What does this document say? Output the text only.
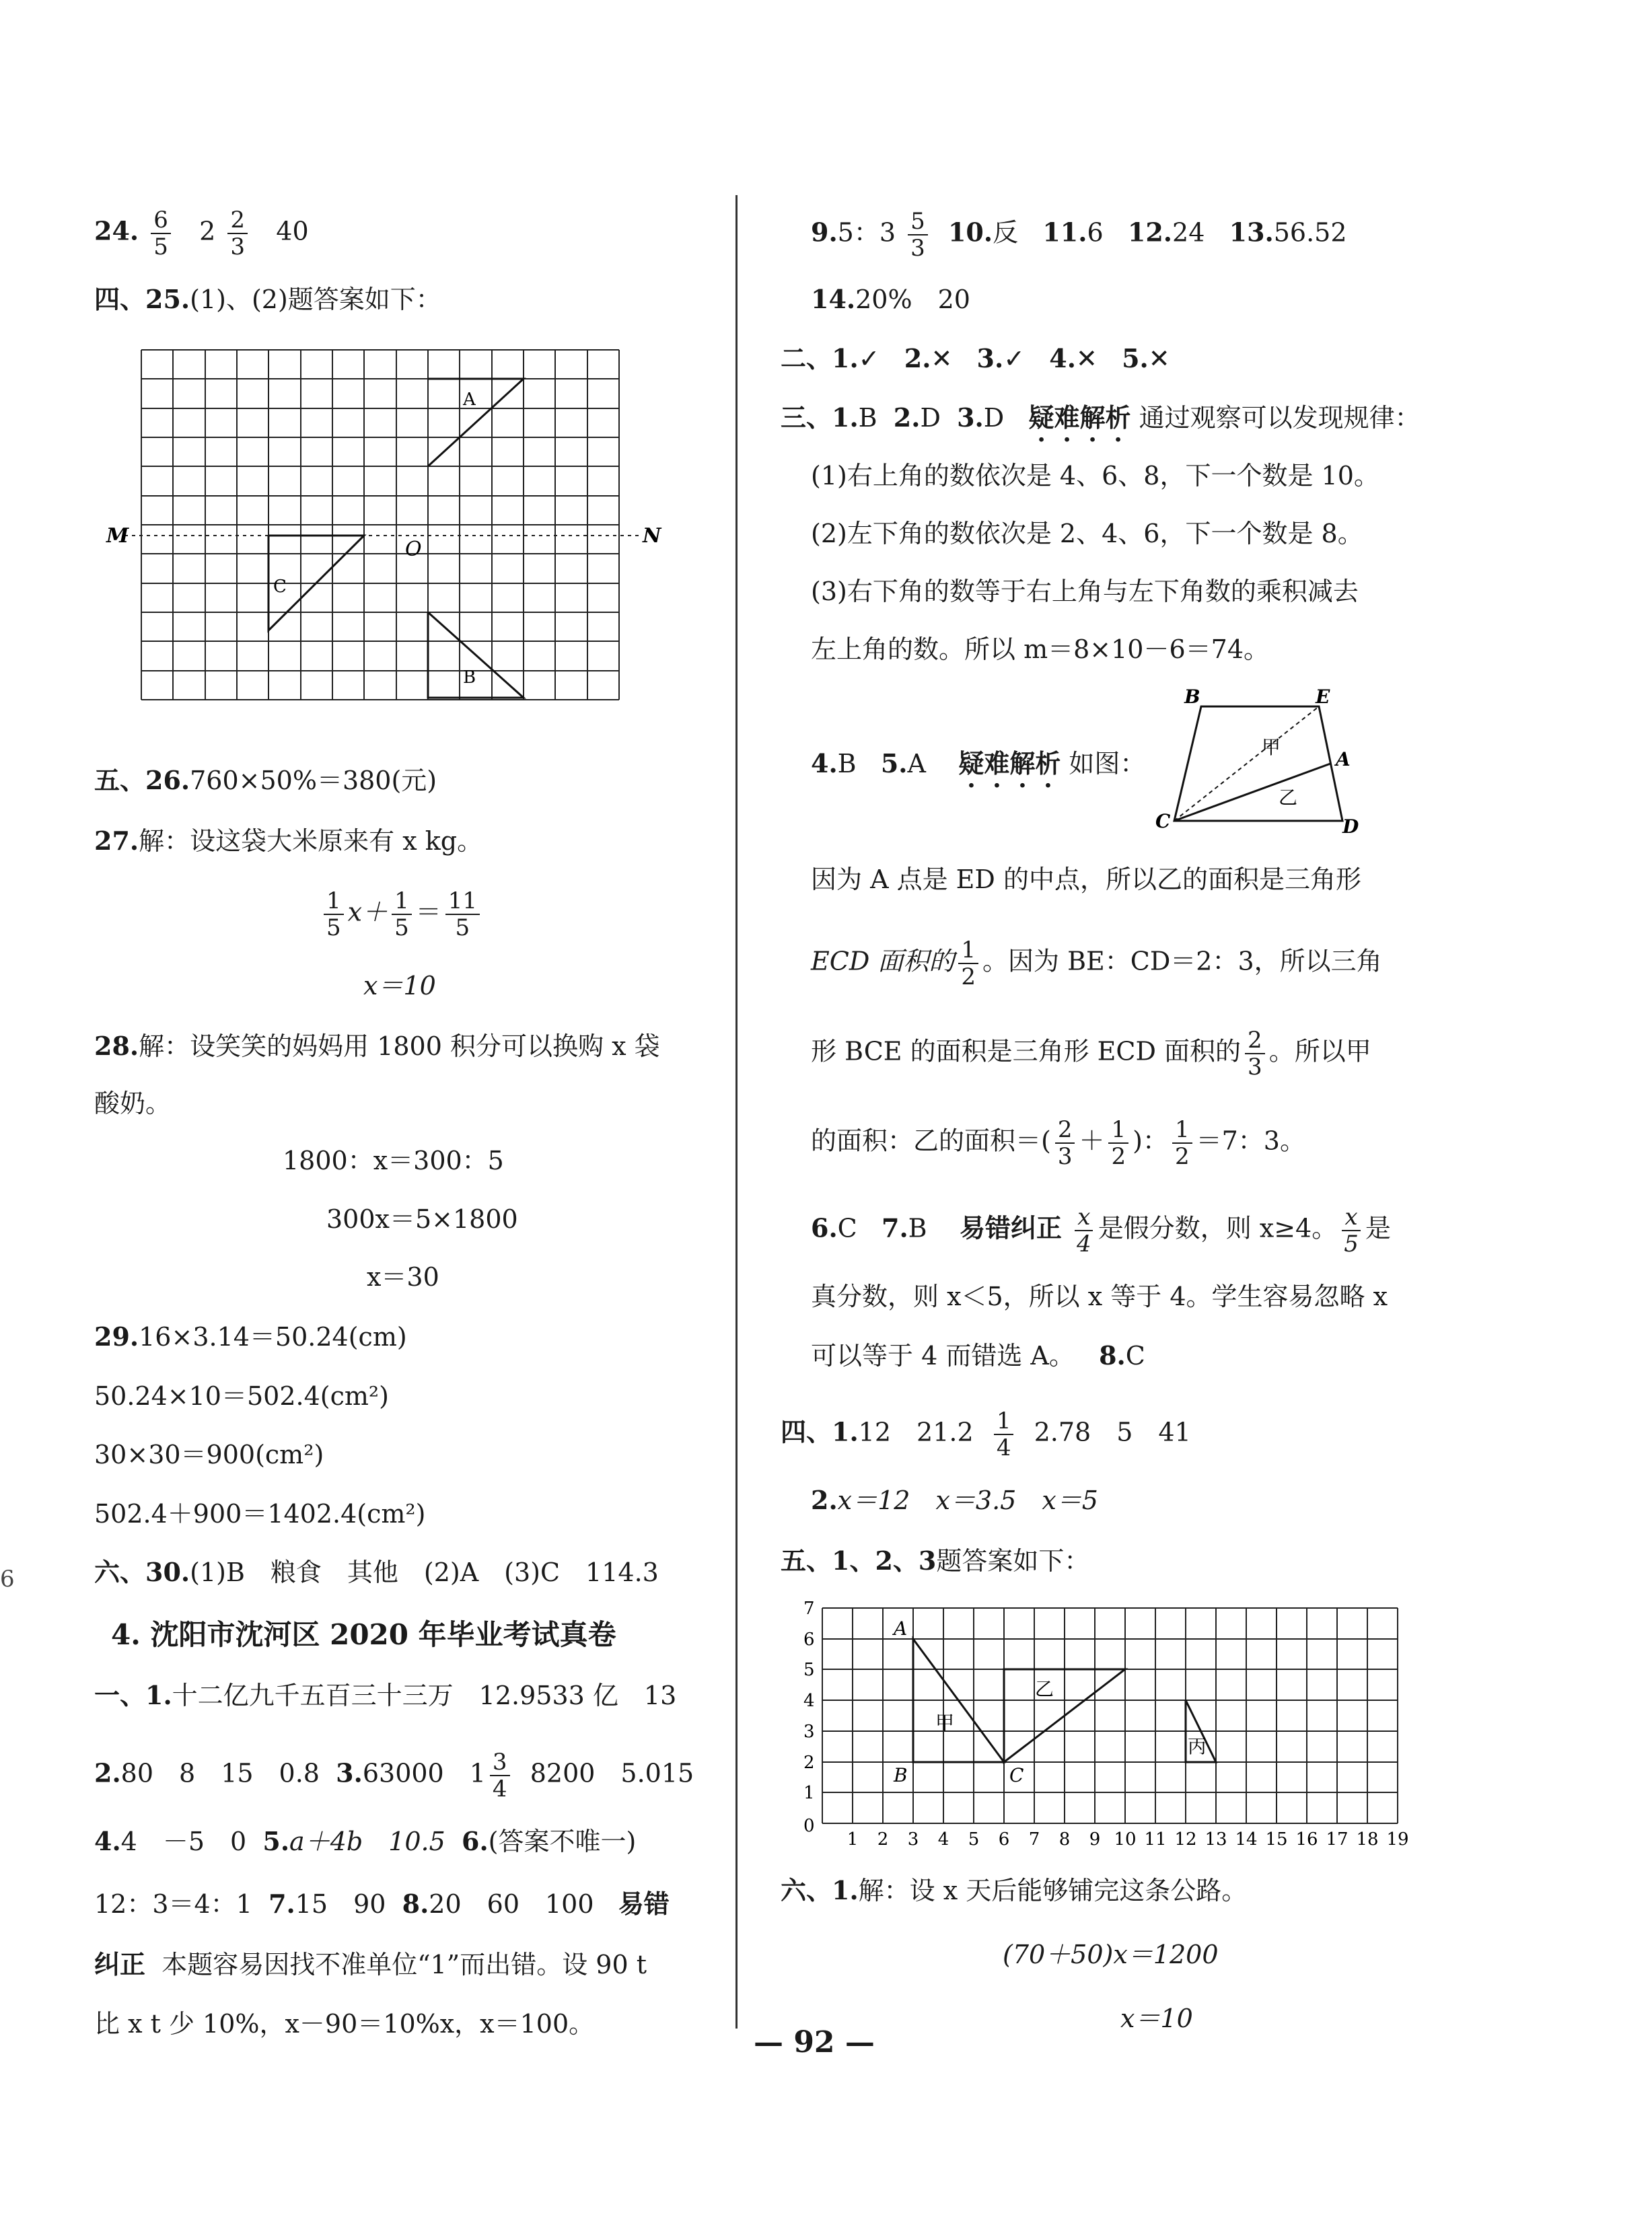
24. $\frac{6}{5} 2 \frac{2}{3} 40$
四、25.(1)、(2)题答案如下：
M	N
O
A
C
B
五、26.760×50%＝380(元)
27.解：设这袋大米原来有 x kg。
$\frac{1}{5} x+ \frac{1}{5} = \frac{11}{5}$
x＝10
28.解：设笑笑的妈妈用 1800 积分可以换购 x 袋
酸奶。
1800：x＝300：5
300x＝5×1800
x＝30
29.16×3.14＝50.24(cm)
50.24×10＝502.4(cm²)
30×30＝900(cm²)
502.4＋900＝1402.4(cm²)
6	六、30.(1)B　粮食　其他　(2)A　(3)C　114.3
4. 沈阳市沈河区 2020 年毕业考试真卷
一、1.十二亿九千五百三十三万　12.9533 亿　13
2.80　8　15　0.8 3.63000　$1 \frac{3}{4} 8200$　5.015
4.4　－5　0 5.a＋4b　10.5 6.(答案不唯一)
12：3＝4：1 7.15　90 8.20　60　100 易错
纠正 本题容易因找不准单位“1”而出错。设 90 t
比 x t 少 10%，x－90＝10%x，x＝100。
9.5：$3 \frac{5}{3} 10$.反 11.6 12.24 13.56.52
14.20%　20
二、1.✓ 2.✕ 3.✓ 4.✕ 5.✕
三、1.B 2.D 3.D 疑难解析 通过观察可以发现规律：
(1)右上角的数依次是 4、6、8，下一个数是 10。
(2)左下角的数依次是 2、4、6，下一个数是 8。
(3)右下角的数等于右上角与左下角数的乘积减去
左上角的数。所以 m＝8×10－6＝74。
B	E
A
C	D
甲
乙
4.B 5.A 疑难解析 如图：
因为 A 点是 ED 的中点，所以乙的面积是三角形
ECD 面积的 $\frac{1}{2}$ 。因为 BE：CD＝2：3，所以三角
形 BCE 的面积是三角形 ECD 面积的 $\frac{2}{3}$ 。所以甲
的面积：乙的面积＝( $\frac{2}{3} + \frac{1}{2}$ )： $\frac{1}{2} =7$：3。
6.C 7.B 易错纠正 $\frac{x}{4}$ 是假分数，则 x≥4。 $\frac{x}{5}$ 是
真分数，则 x＜5，所以 x 等于 4。学生容易忽略 x
可以等于 4 而错选 A。 8.C
四、1.12　$21.2 \frac{1}{4} 2.78$　5　41
2.x＝12　x＝3.5　x＝5
五、1、2、3题答案如下：
7
6
5
4
3
2
1
0
1 2 3 4 5 6 7 8 9 10 11 12 13 14 15 16 17 18 19
A
B	C
甲
乙
丙
六、1.解：设 x 天后能够铺完这条公路。
(70＋50)x＝1200
x＝10
— 92 —
